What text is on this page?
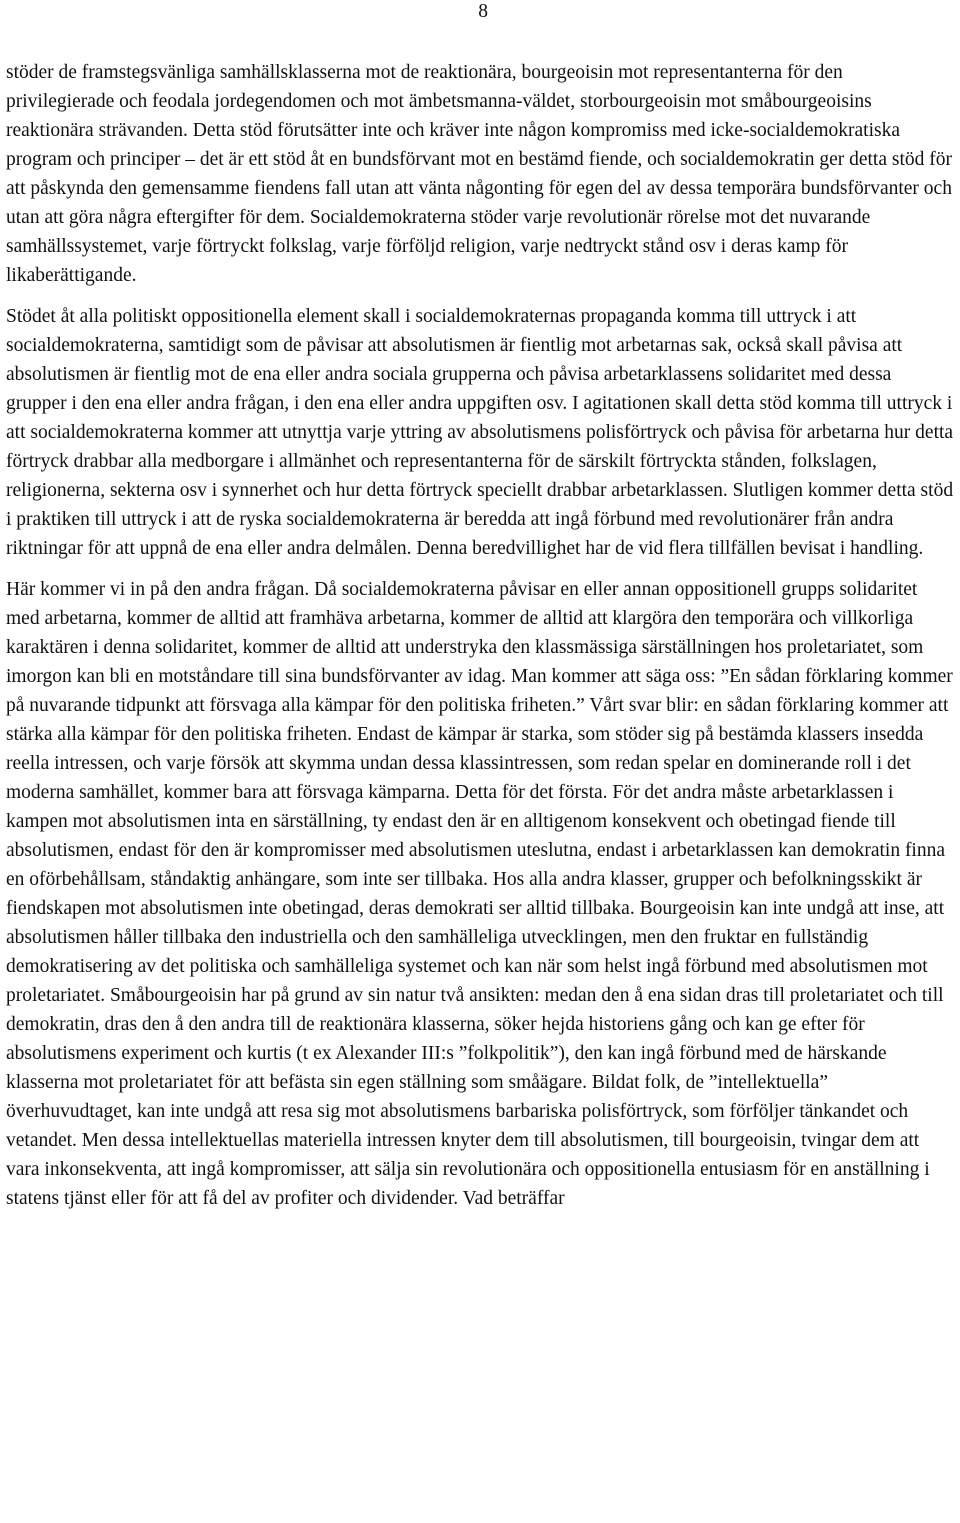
8

stöder de framstegsvänliga samhällsklasserna mot de reaktionära, bourgeoisin mot representanterna för den privilegierade och feodala jordegendomen och mot ämbetsmanna-väldet, storbourgeoisin mot småbourgeoisins reaktionära strävanden. Detta stöd förutsätter inte och kräver inte någon kompromiss med icke-socialdemokratiska program och principer – det är ett stöd åt en bundsförvant mot en bestämd fiende, och socialdemokratin ger detta stöd för att påskynda den gemensamme fiendens fall utan att vänta någonting för egen del av dessa temporära bundsförvanter och utan att göra några eftergifter för dem. Socialdemokraterna stöder varje revolutionär rörelse mot det nuvarande samhällssystemet, varje förtryckt folkslag, varje förföljd religion, varje nedtryckt stånd osv i deras kamp för likaberättigande.

Stödet åt alla politiskt oppositionella element skall i socialdemokraternas propaganda komma till uttryck i att socialdemokraterna, samtidigt som de påvisar att absolutismen är fientlig mot arbetarnas sak, också skall påvisa att absolutismen är fientlig mot de ena eller andra sociala grupperna och påvisa arbetarklassens solidaritet med dessa grupper i den ena eller andra frågan, i den ena eller andra uppgiften osv. I agitationen skall detta stöd komma till uttryck i att socialdemokraterna kommer att utnyttja varje yttring av absolutismens polisförtryck och påvisa för arbetarna hur detta förtryck drabbar alla medborgare i allmänhet och representanterna för de särskilt förtryckta stånden, folkslagen, religionerna, sekterna osv i synnerhet och hur detta förtryck speciellt drabbar arbetarklassen. Slutligen kommer detta stöd i praktiken till uttryck i att de ryska socialdemokraterna är beredda att ingå förbund med revolutionärer från andra riktningar för att uppnå de ena eller andra delmålen. Denna beredvillighet har de vid flera tillfällen bevisat i handling.

Här kommer vi in på den andra frågan. Då socialdemokraterna påvisar en eller annan oppositionell grupps solidaritet med arbetarna, kommer de alltid att framhäva arbetarna, kommer de alltid att klargöra den temporära och villkorliga karaktären i denna solidaritet, kommer de alltid att understryka den klassmässiga särställningen hos proletariatet, som imorgon kan bli en motståndare till sina bundsförvanter av idag. Man kommer att säga oss: ”En sådan förklaring kommer på nuvarande tidpunkt att försvaga alla kämpar för den politiska friheten.” Vårt svar blir: en sådan förklaring kommer att stärka alla kämpar för den politiska friheten. Endast de kämpar är starka, som stöder sig på bestämda klassers insedda reella intressen, och varje försök att skymma undan dessa klassintressen, som redan spelar en dominerande roll i det moderna samhället, kommer bara att försvaga kämparna. Detta för det första. För det andra måste arbetarklassen i kampen mot absolutismen inta en särställning, ty endast den är en alltigenom konsekvent och obetingad fiende till absolutismen, endast för den är kompromisser med absolutismen uteslutna, endast i arbetarklassen kan demokratin finna en oförbehållsam, ståndaktig anhängare, som inte ser tillbaka. Hos alla andra klasser, grupper och befolkningsskikt är fiendskapen mot absolutismen inte obetingad, deras demokrati ser alltid tillbaka. Bourgeoisin kan inte undgå att inse, att absolutismen håller tillbaka den industriella och den samhälleliga utvecklingen, men den fruktar en fullständig demokratisering av det politiska och samhälleliga systemet och kan när som helst ingå förbund med absolutismen mot proletariatet. Småbourgeoisin har på grund av sin natur två ansikten: medan den å ena sidan dras till proletariatet och till demokratin, dras den å den andra till de reaktionära klasserna, söker hejda historiens gång och kan ge efter för absolutismens experiment och kurtis (t ex Alexander III:s ”folkpolitik”), den kan ingå förbund med de härskande klasserna mot proletariatet för att befästa sin egen ställning som småägare. Bildat folk, de ”intellektuella” överhuvudtaget, kan inte undgå att resa sig mot absolutismens barbariska polisförtryck, som förföljer tänkandet och vetandet. Men dessa intellektuellas materiella intressen knyter dem till absolutismen, till bourgeoisin, tvingar dem att vara inkonsekventa, att ingå kompromisser, att sälja sin revolutionära och oppositionella entusiasm för en anställning i statens tjänst eller för att få del av profiter och dividender. Vad beträffar
